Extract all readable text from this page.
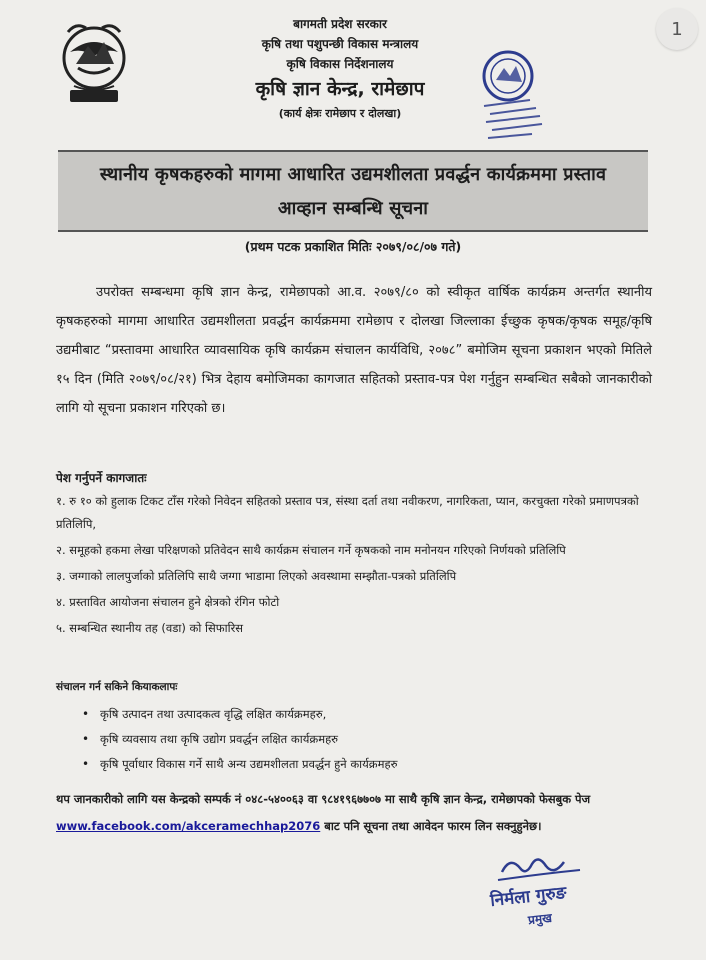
1
बागमती प्रदेश सरकार
कृषि तथा पशुपन्छी विकास मन्त्रालय
कृषि विकास निर्देशनालय
कृषि ज्ञान केन्द्र, रामेछाप
(कार्य क्षेत्रः रामेछाप र दोलखा)
स्थानीय कृषकहरुको मागमा आधारित उद्यमशीलता प्रवर्द्धन कार्यक्रममा प्रस्ताव
आव्हान सम्बन्धि सूचना
(प्रथम पटक प्रकाशित मितिः २०७९/०८/०७ गते)
उपरोक्त सम्बन्धमा कृषि ज्ञान केन्द्र, रामेछापको आ.व. २०७९/८० को स्वीकृत वार्षिक कार्यक्रम अन्तर्गत स्थानीय कृषकहरुको मागमा आधारित उद्यमशीलता प्रवर्द्धन कार्यक्रममा रामेछाप र दोलखा जिल्लाका ईच्छुक कृषक/कृषक समूह/कृषि उद्यमीबाट “प्रस्तावमा आधारित व्यावसायिक कृषि कार्यक्रम संचालन कार्यविधि, २०७८” बमोजिम सूचना प्रकाशन भएको मितिले १५ दिन (मिति २०७९/०८/२१) भित्र देहाय बमोजिमका कागजात सहितको प्रस्ताव-पत्र पेश गर्नुहुन सम्बन्धित सबैको जानकारीको लागि यो सूचना प्रकाशन गरिएको छ।
पेश गर्नुपर्ने कागजातः
१. रु १० को हुलाक टिकट टाँस गरेको निवेदन सहितको प्रस्ताव पत्र, संस्था दर्ता तथा नवीकरण, नागरिकता, प्यान, करचुक्ता गरेको प्रमाणपत्रको प्रतिलिपि,
२. समूहको हकमा लेखा परिक्षणको प्रतिवेदन साथै कार्यक्रम संचालन गर्ने कृषकको नाम मनोनयन गरिएको निर्णयको प्रतिलिपि
३. जग्गाको लालपुर्जाको प्रतिलिपि साथै जग्गा भाडामा लिएको अवस्थामा सम्झौता-पत्रको प्रतिलिपि
४. प्रस्तावित आयोजना संचालन हुने क्षेत्रको रंगिन फोटो
५. सम्बन्धित स्थानीय तह (वडा) को सिफारिस
संचालन गर्न सकिने कियाकलापः
• कृषि उत्पादन तथा उत्पादकत्व वृद्धि लक्षित कार्यक्रमहरु,
• कृषि व्यवसाय तथा कृषि उद्योग प्रवर्द्धन लक्षित कार्यक्रमहरु
• कृषि पूर्वाधार विकास गर्ने साथै अन्य उद्यमशीलता प्रवर्द्धन हुने कार्यक्रमहरु
थप जानकारीको लागि यस केन्द्रको सम्पर्क नं ०४८-५४००६३ वा ९८४१९६७७०७ मा साथै कृषि ज्ञान केन्द्र, रामेछापको फेसबुक पेज www.facebook.com/akceramechhap2076 बाट पनि सूचना तथा आवेदन फारम लिन सक्नुहुनेछ।
निर्मला गुरुङ
प्रमुख
